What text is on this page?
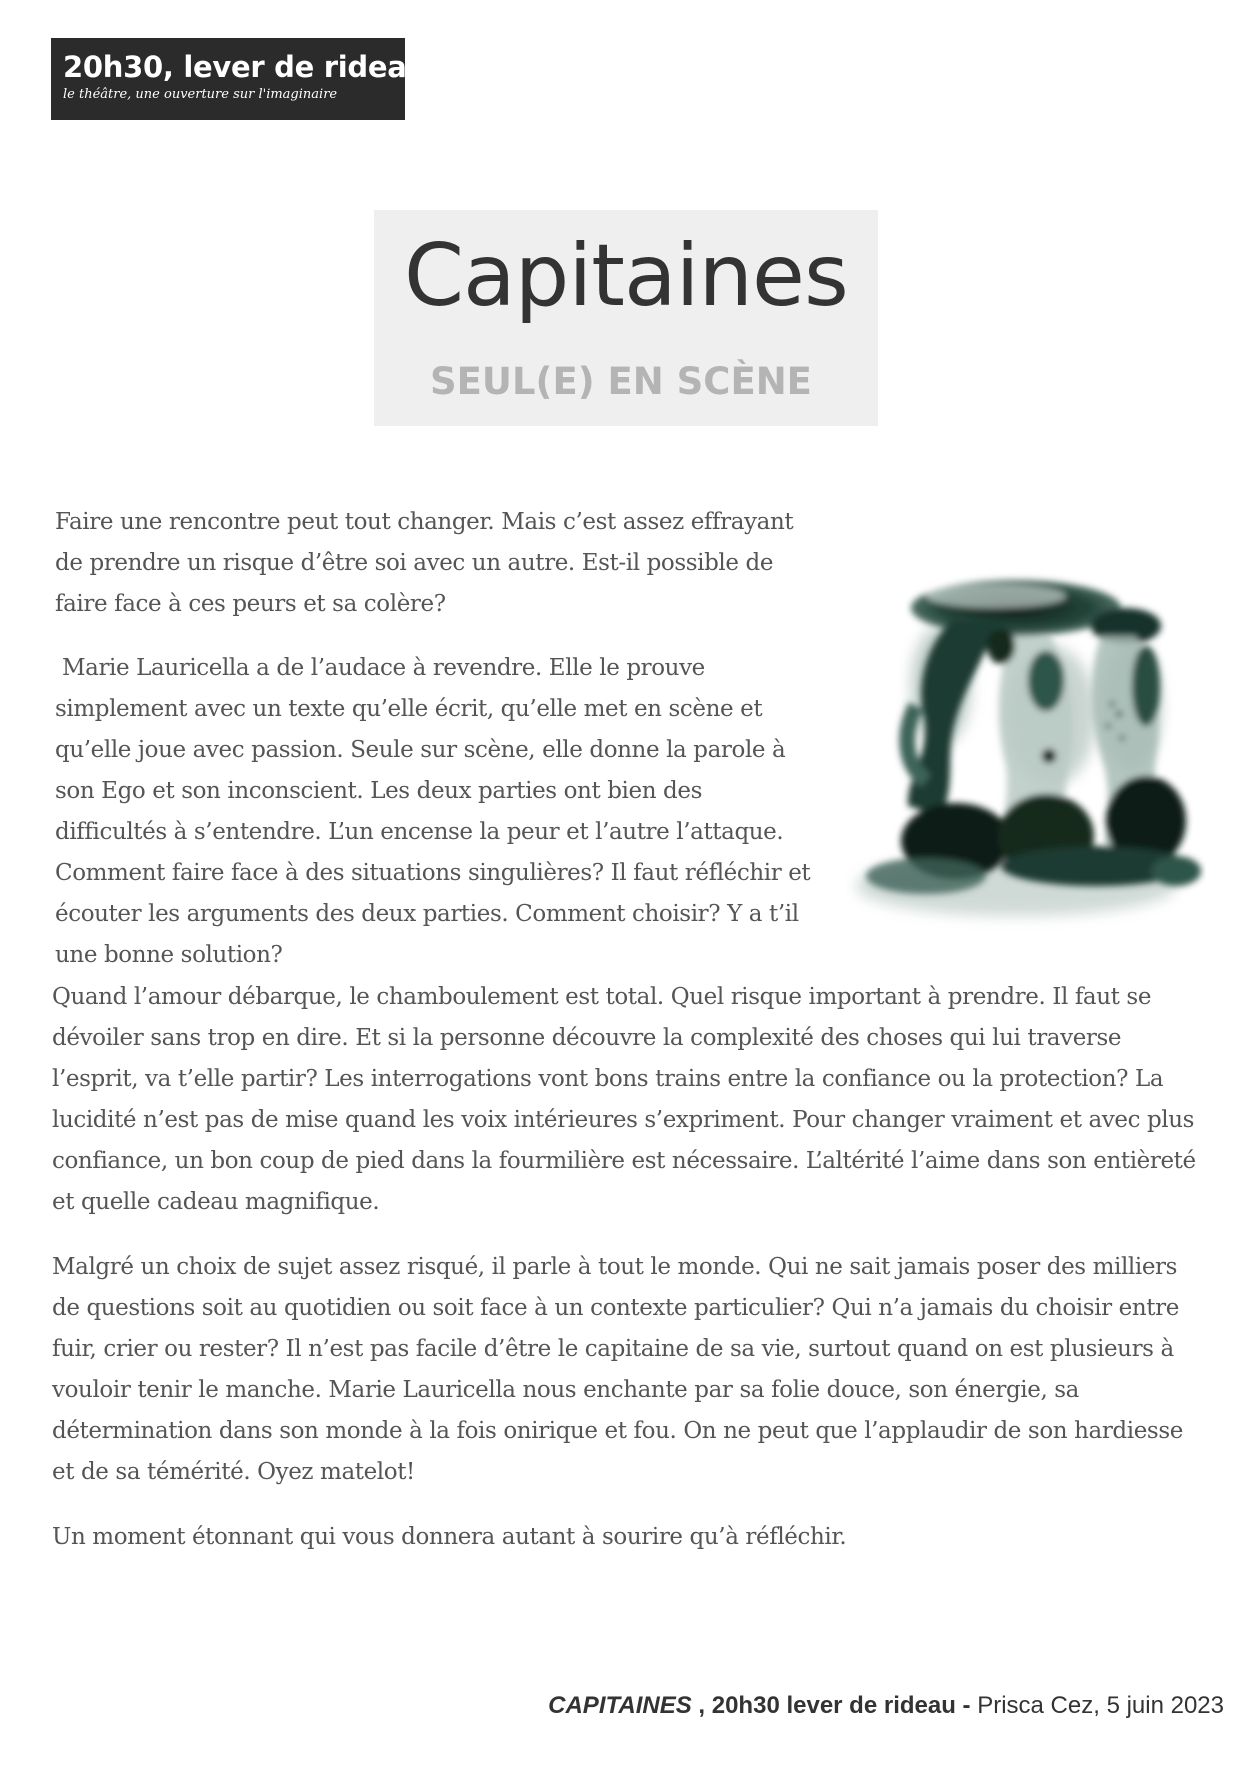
20h30, lever de rideau
le théâtre, une ouverture sur l'imaginaire
Capitaines
SEUL(E) EN SCÈNE

Faire une rencontre peut tout changer. Mais c’est assez effrayant de prendre un risque d’être soi avec un autre. Est-il possible de faire face à ces peurs et sa colère?

Marie Lauricella a de l’audace à revendre. Elle le prouve simplement avec un texte qu’elle écrit, qu’elle met en scène et qu’elle joue avec passion. Seule sur scène, elle donne la parole à son Ego et son inconscient. Les deux parties ont bien des difficultés à s’entendre. L’un encense la peur et l’autre l’attaque. Comment faire face à des situations singulières? Il faut réfléchir et écouter les arguments des deux parties. Comment choisir? Y a t’il une bonne solution?

Quand l’amour débarque, le chamboulement est total. Quel risque important à prendre. Il faut se dévoiler sans trop en dire. Et si la personne découvre la complexité des choses qui lui traverse l’esprit, va t’elle partir? Les interrogations vont bons trains entre la confiance ou la protection? La lucidité n’est pas de mise quand les voix intérieures s’expriment. Pour changer vraiment et avec plus confiance, un bon coup de pied dans la fourmilière est nécessaire. L’altérité l’aime dans son entièreté et quelle cadeau magnifique.

Malgré un choix de sujet assez risqué, il parle à tout le monde. Qui ne sait jamais poser des milliers de questions soit au quotidien ou soit face à un contexte particulier? Qui n’a jamais du choisir entre fuir, crier ou rester? Il n’est pas facile d’être le capitaine de sa vie, surtout quand on est plusieurs à vouloir tenir le manche. Marie Lauricella nous enchante par sa folie douce, son énergie, sa détermination dans son monde à la fois onirique et fou. On ne peut que l’applaudir de son hardiesse et de sa témérité. Oyez matelot!

Un moment étonnant qui vous donnera autant à sourire qu’à réfléchir.

CAPITAINES , 20h30 lever de rideau - Prisca Cez, 5 juin 2023
